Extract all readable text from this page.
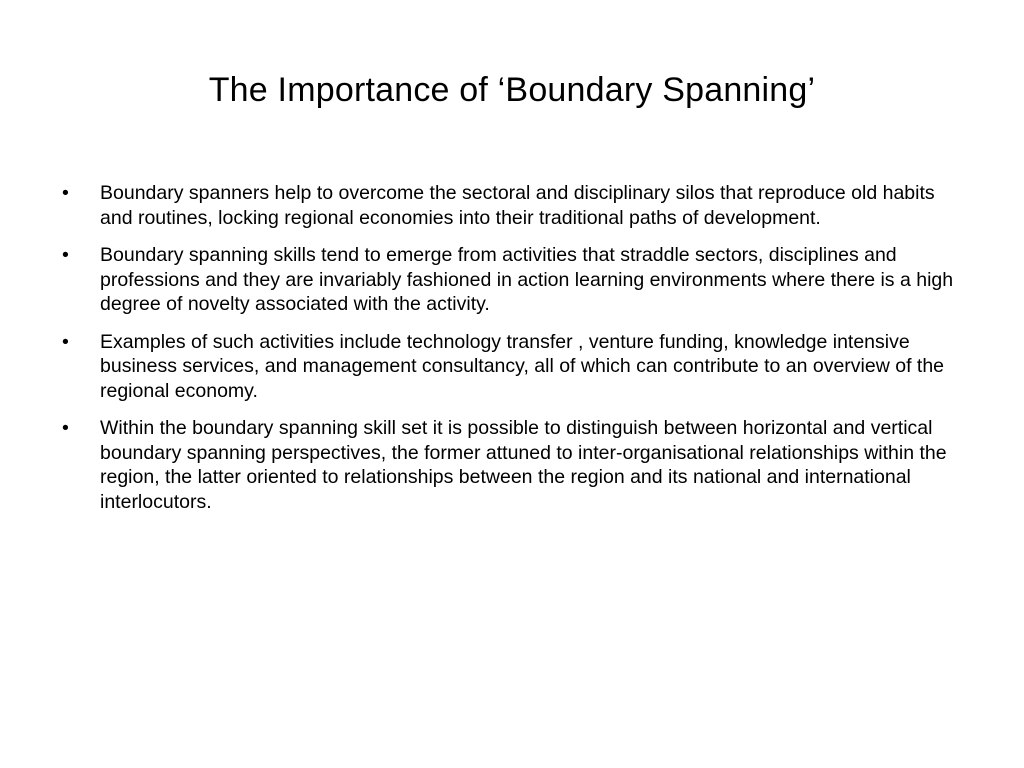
The Importance of ‘Boundary Spanning’
•	Boundary spanners help to overcome the sectoral and disciplinary silos that reproduce old habits and routines, locking regional economies into their traditional paths of development.
•	Boundary spanning skills tend to emerge from activities that straddle sectors, disciplines and professions and they are invariably fashioned in action learning environments where there is a high degree of novelty associated with the activity.
•	Examples of such activities include technology transfer , venture funding, knowledge intensive business services, and management consultancy, all of which can contribute to an overview of the regional economy.
•	Within the boundary spanning skill set it is possible to distinguish between horizontal and vertical boundary spanning perspectives, the former attuned to inter-organisational relationships within the region, the latter oriented to relationships between the region and its national and international interlocutors.
